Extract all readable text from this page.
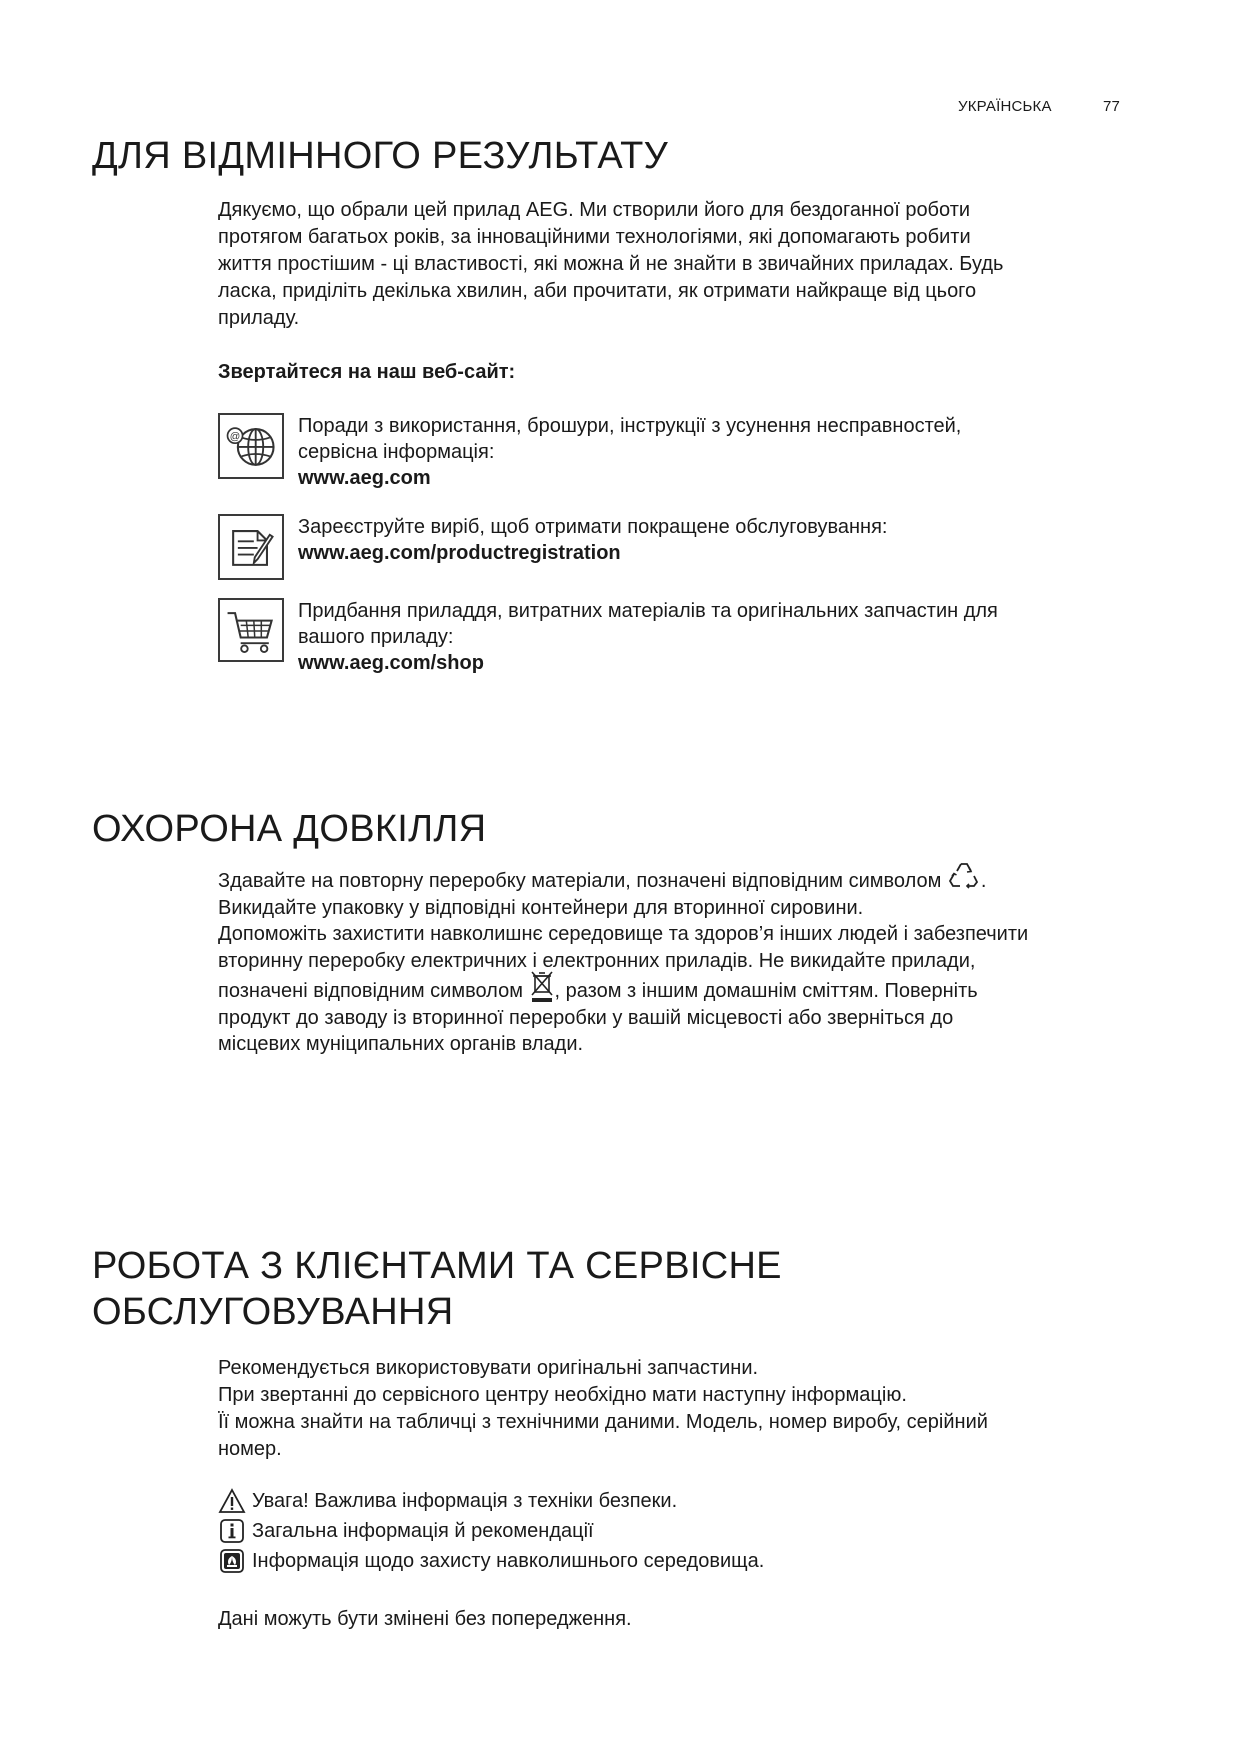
УКРАЇНСЬКА	77
ДЛЯ ВІДМІННОГО РЕЗУЛЬТАТУ

Дякуємо, що обрали цей прилад AEG. Ми створили його для бездоганної роботи

протягом багатьох років, за інноваційними технологіями, які допомагають робити

життя простішим - ці властивості, які можна й не знайти в звичайних приладах. Будь

ласка, приділіть декілька хвилин, аби прочитати, як отримати найкраще від цього

приладу.

Звертайтеся на наш веб-сайт:
@	Поради з використання, брошури, інструкції з усунення несправностей,
сервісна інформація:
www.aeg.com
Зареєструйте виріб, щоб отримати покращене обслуговування:
www.aeg.com/productregistration
Придбання приладдя, витратних матеріалів та оригінальних запчастин для
вашого приладу:
www.aeg.com/shop
ОХОРОНА ДОВКІЛЛЯ

Здавайте на повторну переробку матеріали, позначені відповідним символом .

Викидайте упаковку у відповідні контейнери для вторинної сировини.

Допоможіть захистити навколишнє середовище та здоров’я інших людей і забезпечити

вторинну переробку електричних і електронних приладів. Не викидайте прилади,

позначені відповідним символом , разом з іншим домашнім сміттям. Поверніть

продукт до заводу із вторинної переробки у вашій місцевості або зверніться до

місцевих муніципальних органів влади.

РОБОТА З КЛІЄНТАМИ ТА СЕРВІСНЕ
ОБСЛУГОВУВАННЯ

Рекомендується використовувати оригінальні запчастини.

При звертанні до сервісного центру необхідно мати наступну інформацію.

Її можна знайти на табличці з технічними даними. Модель, номер виробу, серійний

номер.

Увага! Важлива інформація з техніки безпеки.
Загальна інформація й рекомендації
Інформація щодо захисту навколишнього середовища.
Дані можуть бути змінені без попередження.
